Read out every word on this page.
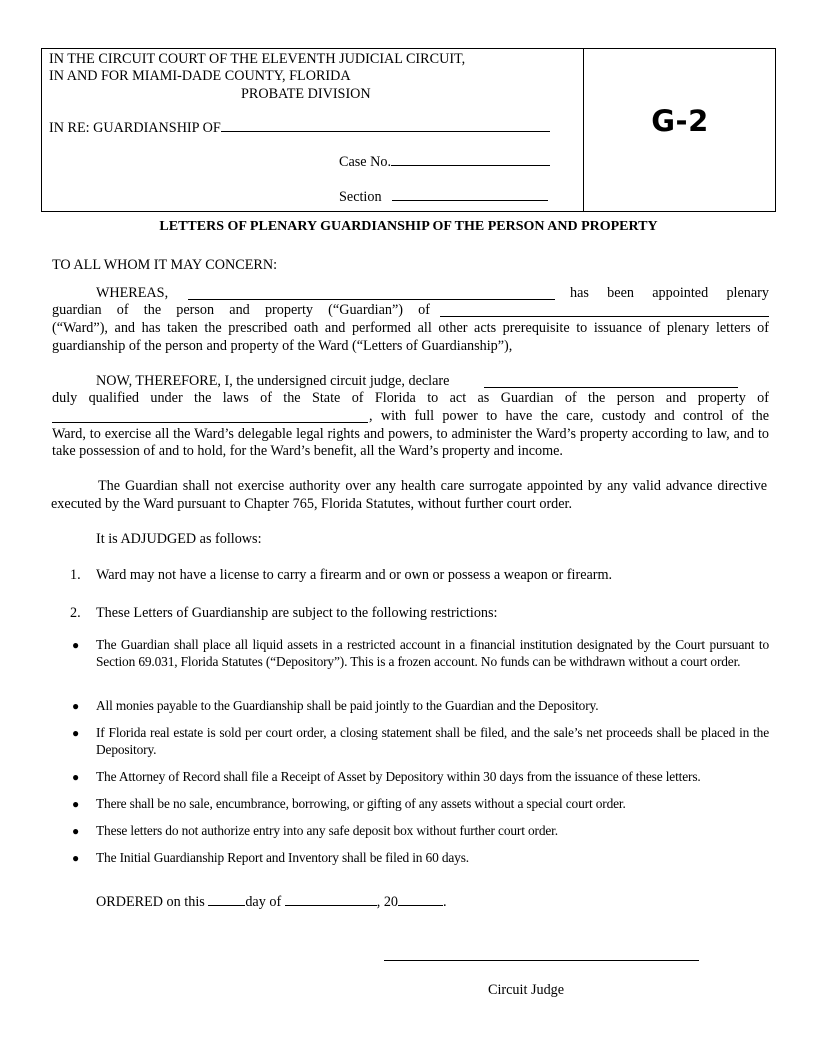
IN THE CIRCUIT COURT OF THE ELEVENTH JUDICIAL CIRCUIT,
IN AND FOR MIAMI-DADE COUNTY, FLORIDA
PROBATE DIVISION
IN RE: GUARDIANSHIP OF
Case No.
Section
G-2
LETTERS OF PLENARY GUARDIANSHIP OF THE PERSON AND PROPERTY
TO ALL WHOM IT MAY CONCERN:
WHEREAS,	has been appointed plenary
guardian of the person and property (“Guardian”) of
(“Ward”), and has taken the prescribed oath and performed all other acts prerequisite to issuance of plenary letters of guardianship of the person and property of the Ward (“Letters of Guardianship”),
NOW, THEREFORE, I, the undersigned circuit judge, declare
duly qualified under the laws of the State of Florida to act as Guardian of the person and property of
, with full power to have the care, custody and control of the
Ward, to exercise all the Ward’s delegable legal rights and powers, to administer the Ward’s property according to law, and to take possession of and to hold, for the Ward’s benefit, all the Ward’s property and income.
The Guardian shall not exercise authority over any health care surrogate appointed by any valid advance directive executed by the Ward pursuant to Chapter 765, Florida Statutes, without further court order.
It is ADJUDGED as follows:
1. Ward may not have a license to carry a firearm and or own or possess a weapon or firearm.
2. These Letters of Guardianship are subject to the following restrictions:
● The Guardian shall place all liquid assets in a restricted account in a financial institution designated by the Court pursuant to Section 69.031, Florida Statutes (“Depository”). This is a frozen account. No funds can be withdrawn without a court order.
● All monies payable to the Guardianship shall be paid jointly to the Guardian and the Depository.
● If Florida real estate is sold per court order, a closing statement shall be filed, and the sale’s net proceeds shall be placed in the Depository.
● The Attorney of Record shall file a Receipt of Asset by Depository within 30 days from the issuance of these letters.
● There shall be no sale, encumbrance, borrowing, or gifting of any assets without a special court order.
● These letters do not authorize entry into any safe deposit box without further court order.
● The Initial Guardianship Report and Inventory shall be filed in 60 days.
ORDERED on this	day of	, 20	.
Circuit Judge
